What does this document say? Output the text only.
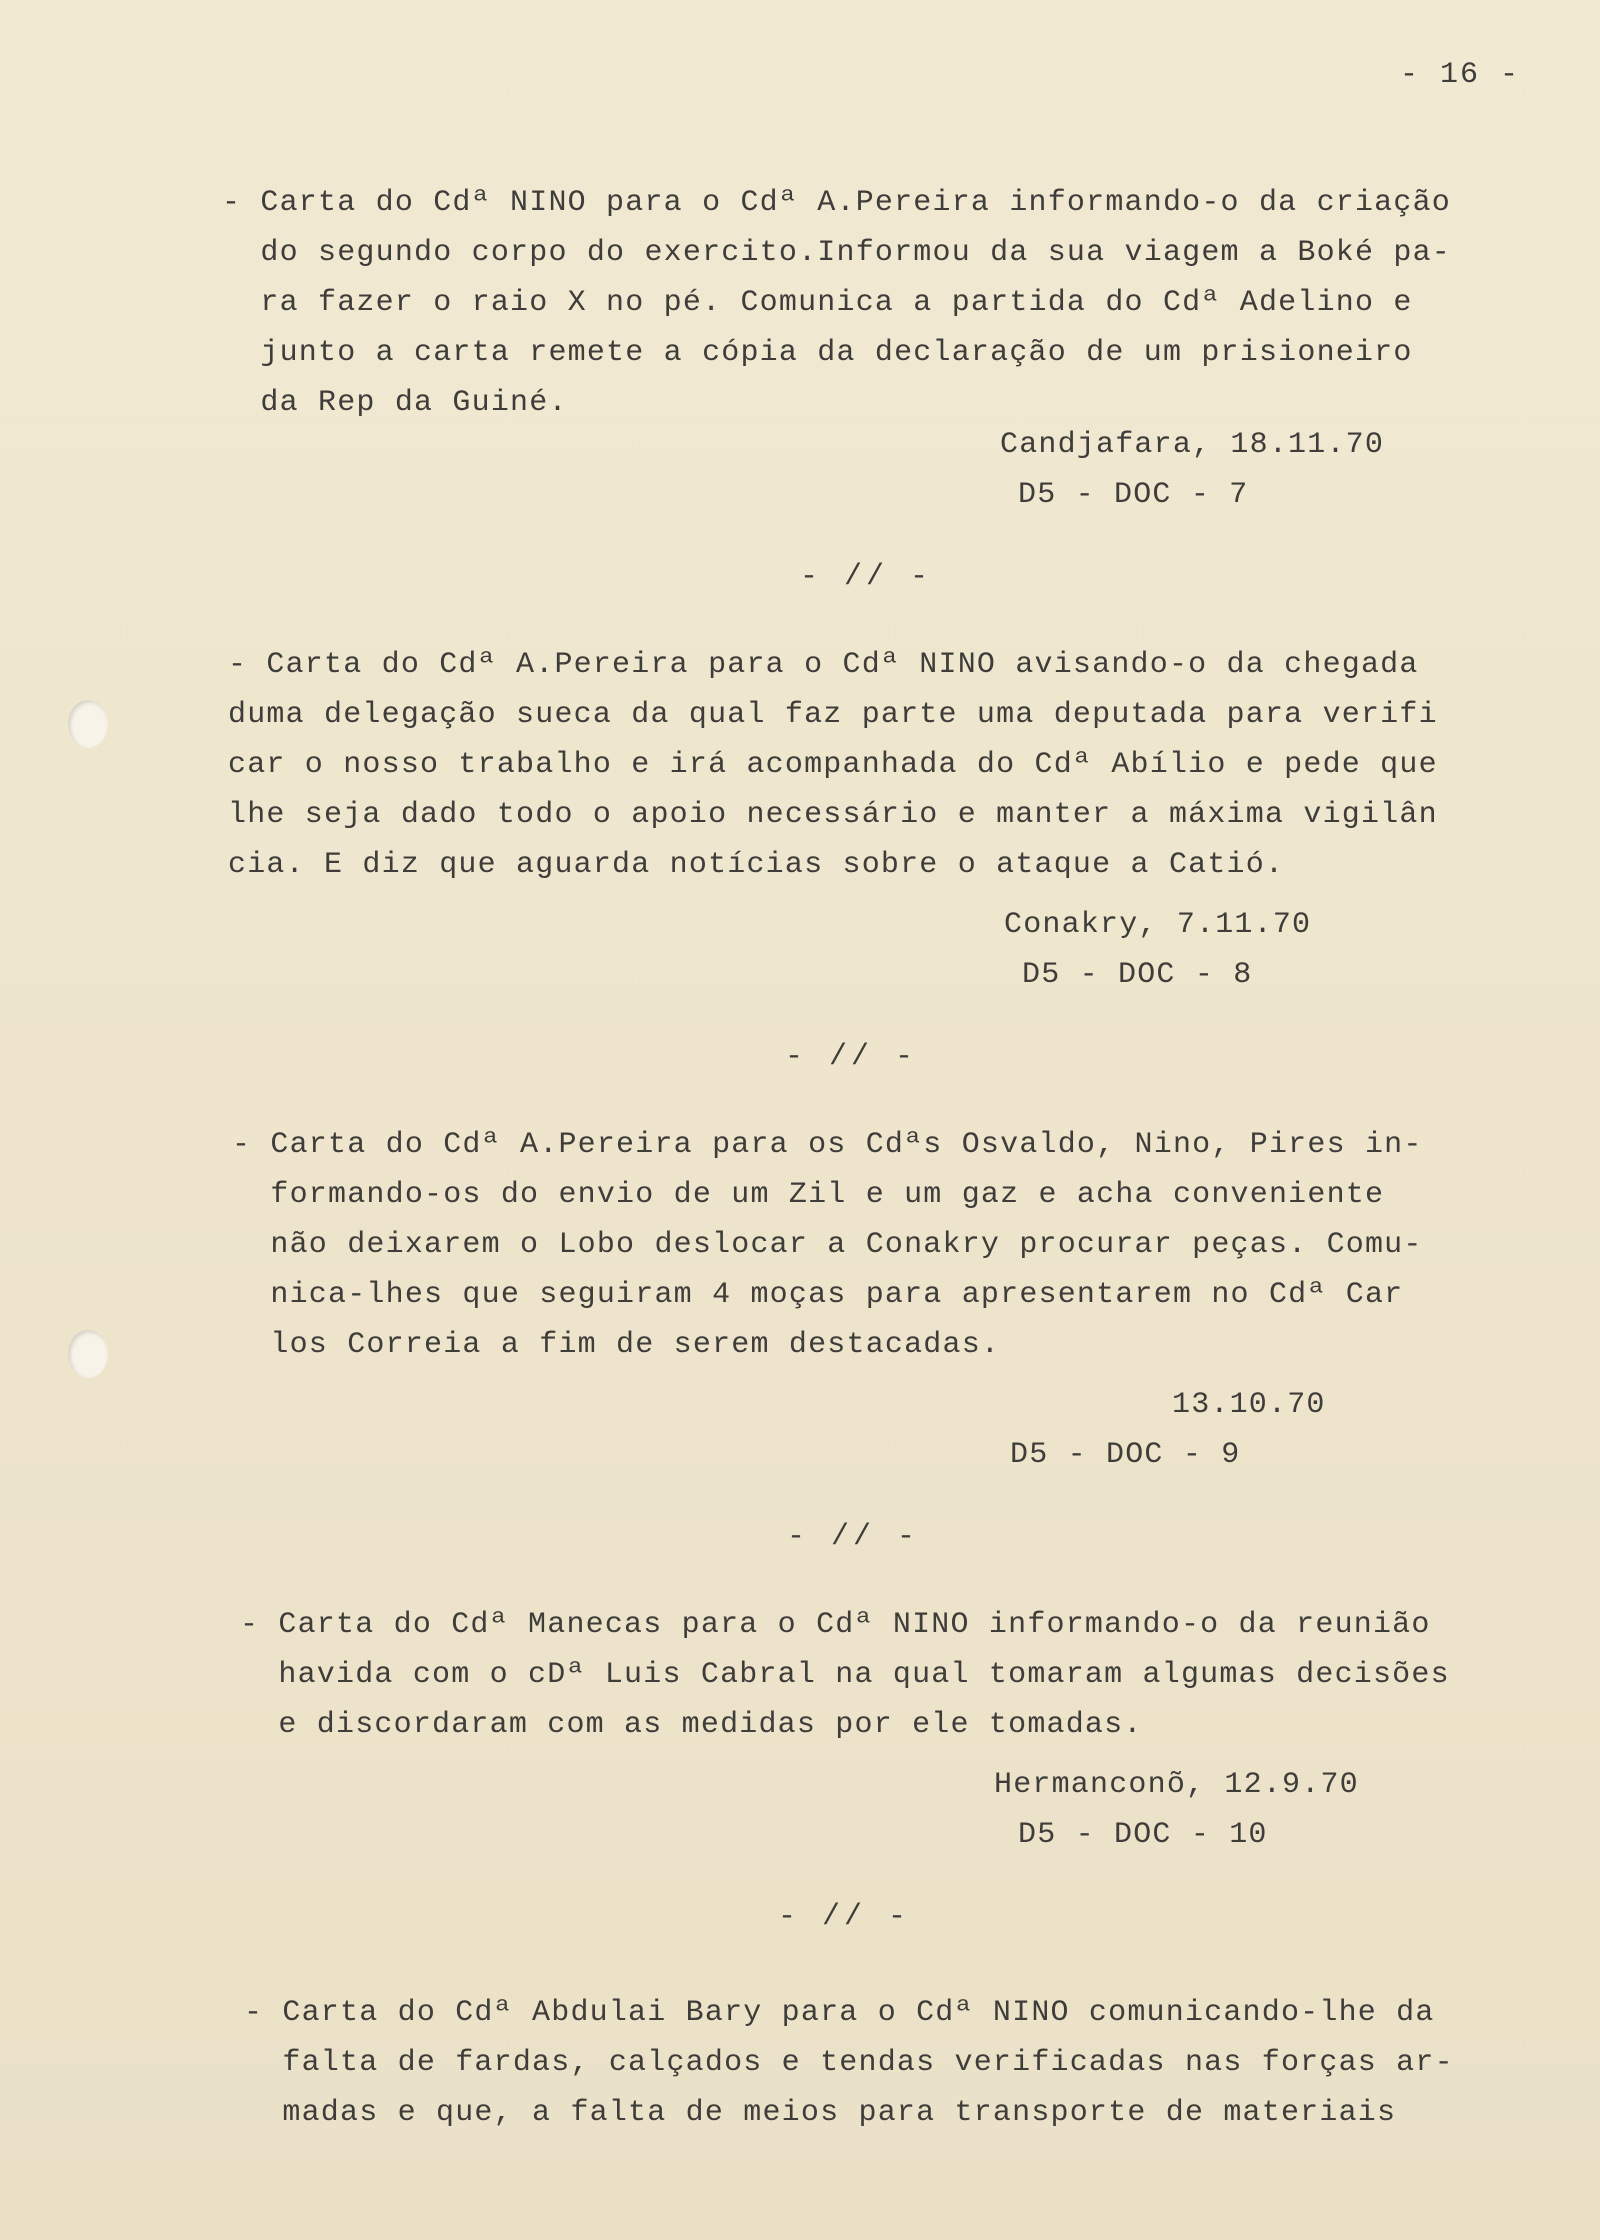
- 16 -

- Carta do Cdª NINO para o Cdª A.Pereira informando-o da criação
do segundo corpo do exercito.Informou da sua viagem a Boké pa-
ra fazer o raio X no pé. Comunica a partida do Cdª Adelino e
junto a carta remete a cópia da declaração de um prisioneiro
da Rep da Guiné.

Candjafara, 18.11.70

D5 - DOC - 7

- // -

- Carta do Cdª A.Pereira para o Cdª NINO avisando-o da chegada
duma delegação sueca da qual faz parte uma deputada para verifi
car o nosso trabalho e irá acompanhada do Cdª Abílio e pede que
lhe seja dado todo o apoio necessário e manter a máxima vigilân
cia. E diz que aguarda notícias sobre o ataque a Catió.

Conakry, 7.11.70

D5 - DOC - 8

- // -

- Carta do Cdª A.Pereira para os Cdªs Osvaldo, Nino, Pires in-
formando-os do envio de um Zil e um gaz e acha conveniente
não deixarem o Lobo deslocar a Conakry procurar peças. Comu-
nica-lhes que seguiram 4 moças para apresentarem no Cdª Car
los Correia a fim de serem destacadas.

13.10.70

D5 - DOC - 9

- // -

- Carta do Cdª Manecas para o Cdª NINO informando-o da reunião
havida com o cDª Luis Cabral na qual tomaram algumas decisões
e discordaram com as medidas por ele tomadas.

Hermanconõ, 12.9.70

D5 - DOC - 10

- // -

- Carta do Cdª Abdulai Bary para o Cdª NINO comunicando-lhe da
falta de fardas, calçados e tendas verificadas nas forças ar-
madas e que, a falta de meios para transporte de materiais
